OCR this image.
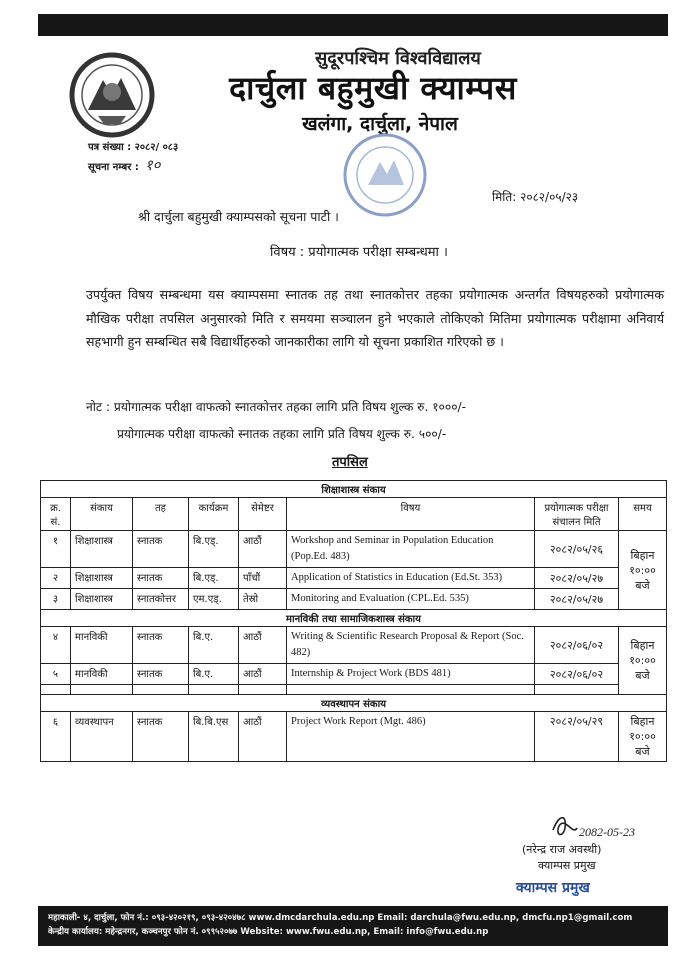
सुदूरपश्चिम विश्वविद्यालय
दार्चुला बहुमुखी क्याम्पस
खलंगा, दार्चुला, नेपाल
पत्र संख्या : २०८२/ ०८३
सूचना नम्बर : १०
मिति: २०८२/०५/२३
श्री दार्चुला बहुमुखी क्याम्पसको सूचना पाटी ।
विषय : प्रयोगात्मक परीक्षा सम्बन्धमा ।
उपर्युक्त विषय सम्बन्धमा यस क्याम्पसमा स्नातक तह तथा स्नातकोत्तर तहका प्रयोगात्मक अन्तर्गत विषयहरुको प्रयोगात्मक मौखिक परीक्षा तपसिल अनुसारको मिति र समयमा सञ्चालन हुने भएकाले तोकिएको मितिमा प्रयोगात्मक परीक्षामा अनिवार्य सहभागी हुन सम्बन्धित सबै विद्यार्थीहरुको जानकारीका लागि यो सूचना प्रकाशित गरिएको छ ।
नोट : प्रयोगात्मक परीक्षा वाफत्को स्नातकोत्तर तहका लागि प्रति विषय शुल्क रु. १०००/-
प्रयोगात्मक परीक्षा वाफत्को स्नातक तहका लागि प्रति विषय शुल्क रु. ५००/-
तपसिल
शिक्षाशास्त्र संकाय							
क्र. सं.	संकाय	तह	कार्यक्रम	सेमेष्टर	विषय	प्रयोगात्मक परीक्षा संचालन मिति	समय
१	शिक्षाशास्त्र	स्नातक	बि.एड्.	आठौं	Workshop and Seminar in Population Education (Pop.Ed. 483)	२०८२/०५/२६	बिहान १०:०० बजे
२	शिक्षाशास्त्र	स्नातक	बि.एड्.	पाँचौं	Application of Statistics in Education (Ed.St. 353)	२०८२/०५/२७	
३	शिक्षाशास्त्र	स्नातकोत्तर	एम.एड्.	तेस्रो	Monitoring and Evaluation (CPL.Ed. 535)	२०८२/०५/२७	
मानविकी तथा सामाजिकशास्त्र संकाय							
४	मानविकी	स्नातक	बि.ए.	आठौं	Writing & Scientific Research Proposal & Report (Soc. 482)	२०८२/०६/०२	बिहान १०:०० बजे
५	मानविकी	स्नातक	बि.ए.	आठौं	Internship & Project Work (BDS 481)	२०८२/०६/०२	

व्यवस्थापन संकाय							
६	व्यवस्थापन	स्नातक	बि.बि.एस	आठौं	Project Work Report (Mgt. 486)	२०८२/०५/२९	बिहान १०:०० बजे
2082-05-23
(नरेन्द्र राज अवस्थी)
क्याम्पस प्रमुख
क्याम्पस प्रमुख
महाकाली- ४, दार्चुला, फोन नं.: ०९३-४२०२१९, ०९३-४२०४७८ www.dmcdarchula.edu.np Email: darchula@fwu.edu.np, dmcfu.np1@gmail.com
केन्द्रीय कार्यालय: महेन्द्रनगर, कञ्चनपुर फोन नं. ०९९५२०७७ Website: www.fwu.edu.np, Email: info@fwu.edu.np
